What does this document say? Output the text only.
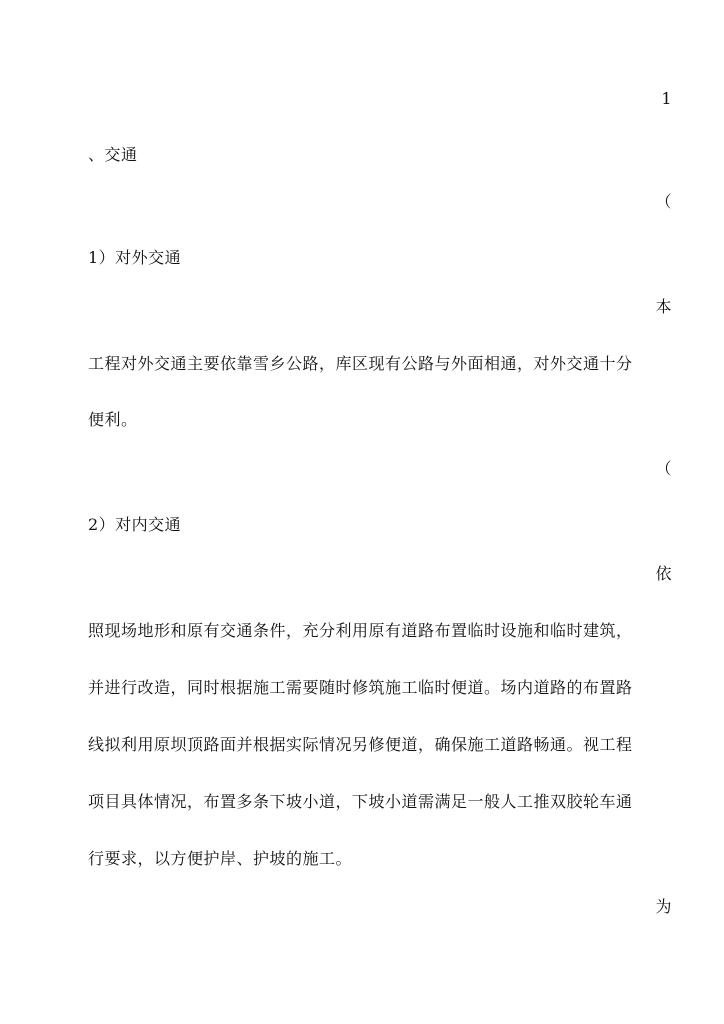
1
、交通
（
1）对外交通
本
工程对外交通主要依靠雪乡公路，库区现有公路与外面相通，对外交通十分
便利。
（
2）对内交通
依
照现场地形和原有交通条件，充分利用原有道路布置临时设施和临时建筑，
并进行改造，同时根据施工需要随时修筑施工临时便道。场内道路的布置路
线拟利用原坝顶路面并根据实际情况另修便道，确保施工道路畅通。视工程
项目具体情况，布置多条下坡小道，下坡小道需满足一般人工推双胶轮车通
行要求，以方便护岸、护坡的施工。
为
